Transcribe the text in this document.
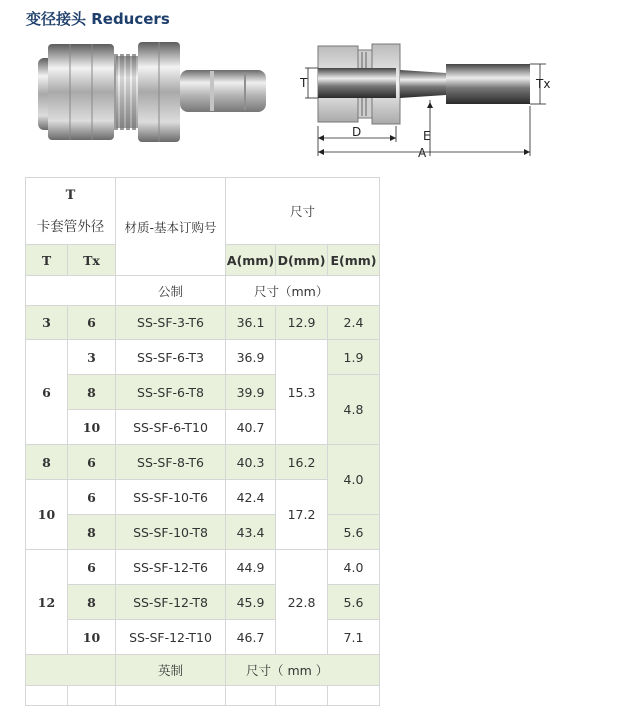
变径接头 Reducers
T	Tx
D	E
A
T
卡套管外径		材质-基本订购号	尺寸		
T	Tx		A(mm)	D(mm)	E(mm)
		公制	尺寸（mm）		
3	6	SS-SF-3-T6	36.1	12.9	2.4
6	3	SS-SF-6-T3	36.9	15.3	1.9
	8	SS-SF-6-T8	39.9		4.8
	10	SS-SF-6-T10	40.7		
8	6	SS-SF-8-T6	40.3	16.2	4.0
10	6	SS-SF-10-T6	42.4	17.2	
	8	SS-SF-10-T8	43.4		5.6
12	6	SS-SF-12-T6	44.9	22.8	4.0
	8	SS-SF-12-T8	45.9		5.6
	10	SS-SF-12-T10	46.7		7.1
		英制	尺寸（ mm ）		
